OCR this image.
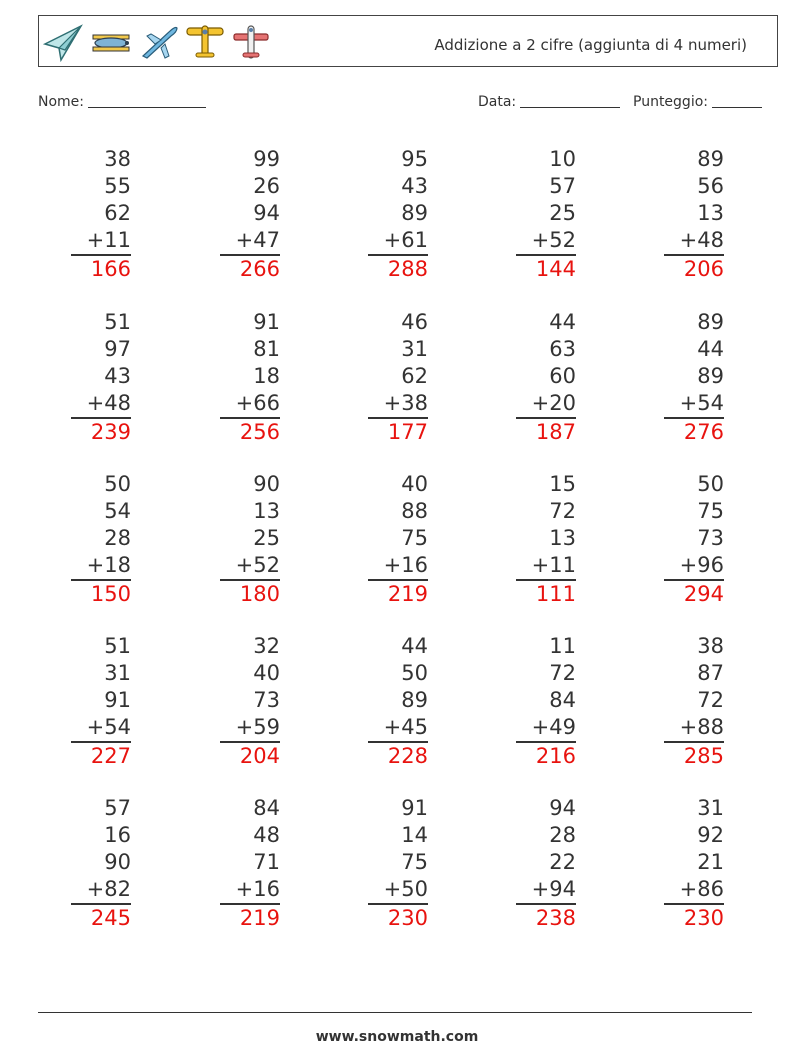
Addizione a 2 cifre (aggiunta di 4 numeri)
Nome:	Data:	Punteggio:
38
55
62
+11
166
99
26
94
+47
266
95
43
89
+61
288
10
57
25
+52
144
89
56
13
+48
206
51
97
43
+48
239
91
81
18
+66
256
46
31
62
+38
177
44
63
60
+20
187
89
44
89
+54
276
50
54
28
+18
150
90
13
25
+52
180
40
88
75
+16
219
15
72
13
+11
111
50
75
73
+96
294
51
31
91
+54
227
32
40
73
+59
204
44
50
89
+45
228
11
72
84
+49
216
38
87
72
+88
285
57
16
90
+82
245
84
48
71
+16
219
91
14
75
+50
230
94
28
22
+94
238
31
92
21
+86
230
www.snowmath.com
